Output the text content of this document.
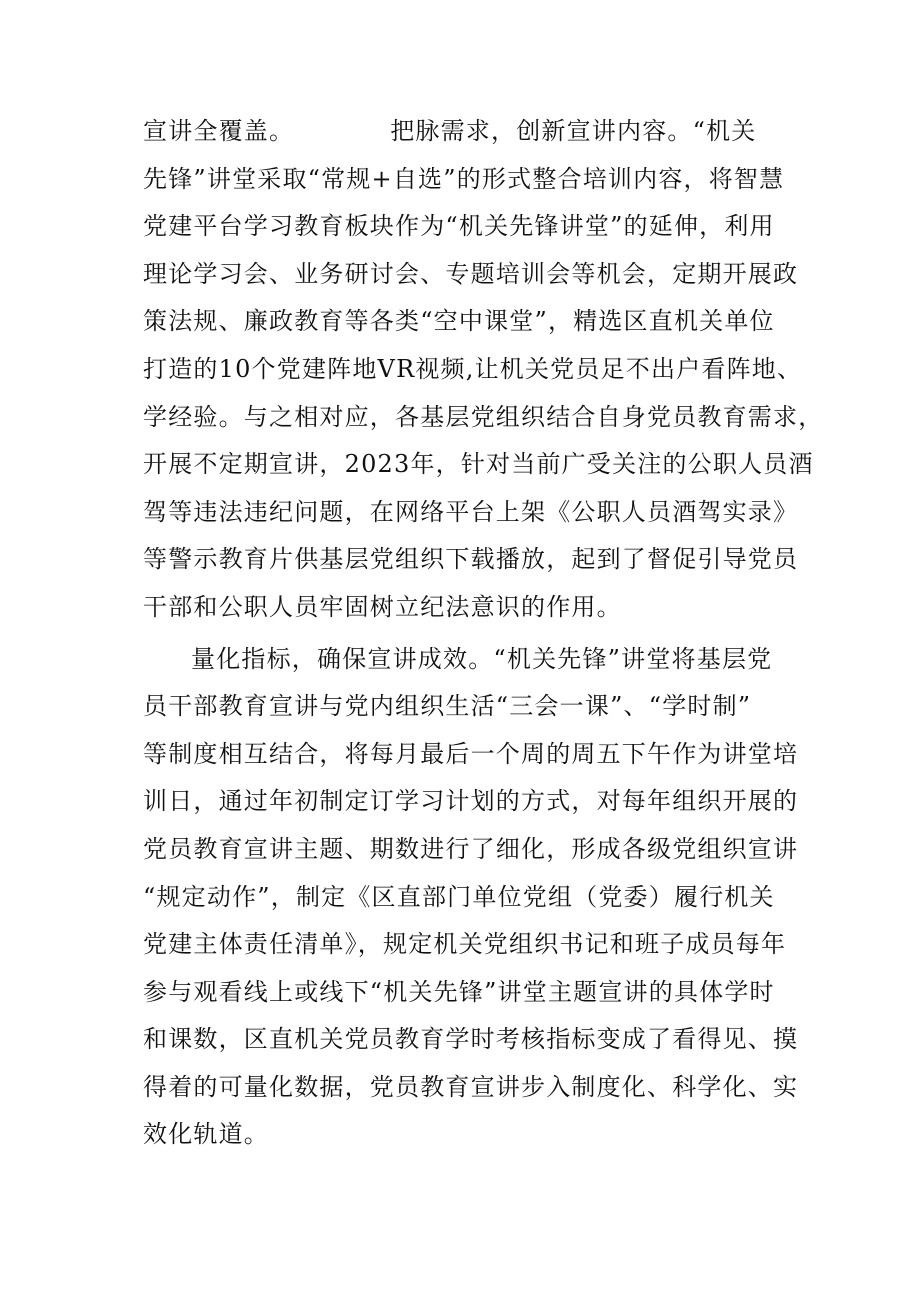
宣讲全覆盖。	把脉需求，创新宣讲内容。“机关
先锋”讲堂采取“常规+自选”的形式整合培训内容，将智慧
党建平台学习教育板块作为“机关先锋讲堂”的延伸，利用
理论学习会、业务研讨会、专题培训会等机会，定期开展政
策法规、廉政教育等各类“空中课堂”，精选区直机关单位
打造的10个党建阵地VR视频,让机关党员足不出户看阵地、
学经验。与之相对应，各基层党组织结合自身党员教育需求，
开展不定期宣讲，2023年，针对当前广受关注的公职人员酒
驾等违法违纪问题，在网络平台上架《公职人员酒驾实录》
等警示教育片供基层党组织下载播放，起到了督促引导党员
干部和公职人员牢固树立纪法意识的作用。
量化指标，确保宣讲成效。“机关先锋”讲堂将基层党
员干部教育宣讲与党内组织生活“三会一课”、“学时制”
等制度相互结合，将每月最后一个周的周五下午作为讲堂培
训日，通过年初制定订学习计划的方式，对每年组织开展的
党员教育宣讲主题、期数进行了细化，形成各级党组织宣讲
“规定动作”，制定《区直部门单位党组（党委）履行机关
党建主体责任清单》，规定机关党组织书记和班子成员每年
参与观看线上或线下“机关先锋”讲堂主题宣讲的具体学时
和课数，区直机关党员教育学时考核指标变成了看得见、摸
得着的可量化数据，党员教育宣讲步入制度化、科学化、实
效化轨道。
